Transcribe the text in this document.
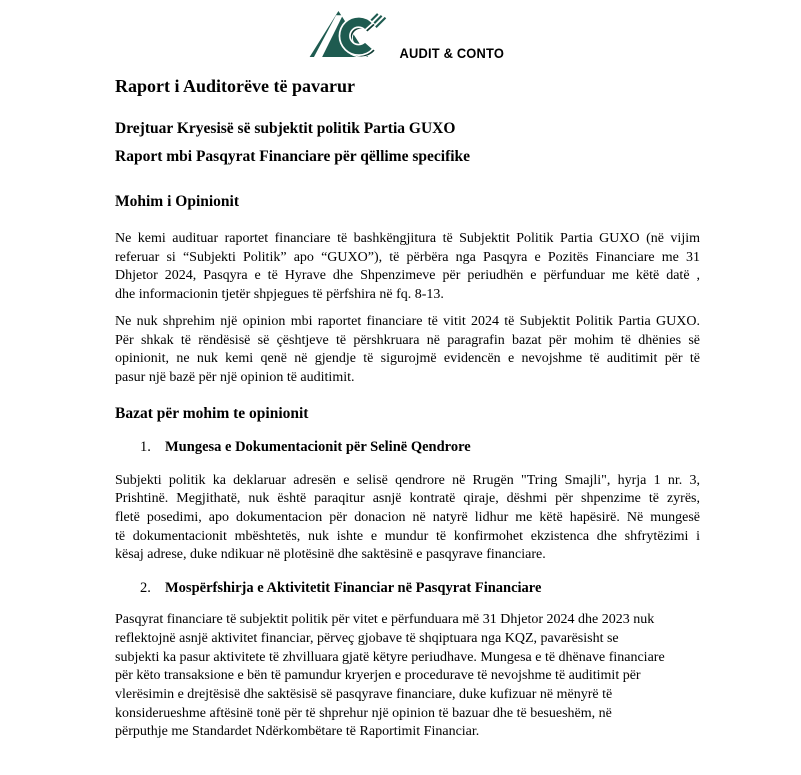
AUDIT & CONTO
Raport i Auditorëve të pavarur
Drejtuar Kryesisë së subjektit politik Partia GUXO
Raport mbi Pasqyrat Financiare për qëllime specifike
Mohim i Opinionit
Ne kemi audituar raportet financiare të bashkëngjitura të Subjektit Politik Partia GUXO (në vijim
referuar si “Subjekti Politik” apo “GUXO”), të përbëra nga Pasqyra e Pozitës Financiare me 31
Dhjetor 2024, Pasqyra e të Hyrave dhe Shpenzimeve për periudhën e përfunduar me këtë datë ,
dhe informacionin tjetër shpjegues të përfshira në fq. 8-13.
Ne nuk shprehim një opinion mbi raportet financiare të vitit 2024 të Subjektit Politik Partia GUXO.
Për shkak të rëndësisë së çështjeve të përshkruara në paragrafin bazat për mohim të dhënies së
opinionit, ne nuk kemi qenë në gjendje të sigurojmë evidencën e nevojshme të auditimit për të
pasur një bazë për një opinion të auditimit.
Bazat për mohim te opinionit
1. Mungesa e Dokumentacionit për Selinë Qendrore
Subjekti politik ka deklaruar adresën e selisë qendrore në Rrugën "Tring Smajli", hyrja 1 nr. 3,
Prishtinë. Megjithatë, nuk është paraqitur asnjë kontratë qiraje, dëshmi për shpenzime të zyrës,
fletë posedimi, apo dokumentacion për donacion në natyrë lidhur me këtë hapësirë. Në mungesë
të dokumentacionit mbështetës, nuk ishte e mundur të konfirmohet ekzistenca dhe shfrytëzimi i
kësaj adrese, duke ndikuar në plotësinë dhe saktësinë e pasqyrave financiare.
2. Mospërfshirja e Aktivitetit Financiar në Pasqyrat Financiare
Pasqyrat financiare të subjektit politik për vitet e përfunduara më 31 Dhjetor 2024 dhe 2023 nuk
reflektojnë asnjë aktivitet financiar, përveç gjobave të shqiptuara nga KQZ, pavarësisht se
subjekti ka pasur aktivitete të zhvilluara gjatë këtyre periudhave. Mungesa e të dhënave financiare
për këto transaksione e bën të pamundur kryerjen e procedurave të nevojshme të auditimit për
vlerësimin e drejtësisë dhe saktësisë së pasqyrave financiare, duke kufizuar në mënyrë të
konsiderueshme aftësinë tonë për të shprehur një opinion të bazuar dhe të besueshëm, në
përputhje me Standardet Ndërkombëtare të Raportimit Financiar.
